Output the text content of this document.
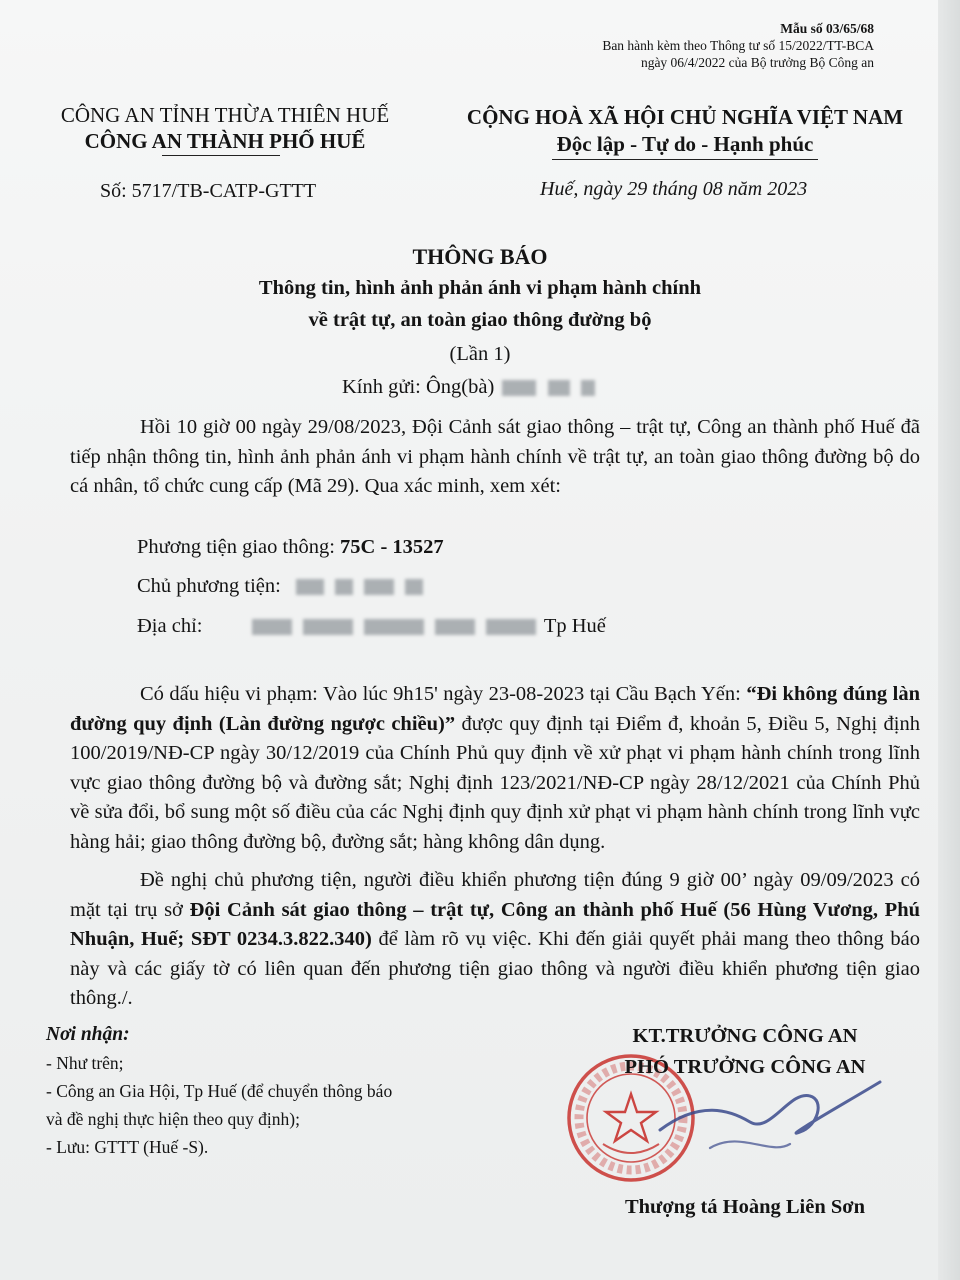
Mẫu số 03/65/68
Ban hành kèm theo Thông tư số 15/2022/TT-BCA
ngày 06/4/2022 của Bộ trưởng Bộ Công an
CÔNG AN TỈNH THỪA THIÊN HUẾ
CÔNG AN THÀNH PHỐ HUẾ
CỘNG HOÀ XÃ HỘI CHỦ NGHĨA VIỆT NAM
Độc lập - Tự do - Hạnh phúc
Số: 5717/TB-CATP-GTTT	Huế, ngày 29 tháng 08 năm 2023
THÔNG BÁO
Thông tin, hình ảnh phản ánh vi phạm hành chính
về trật tự, an toàn giao thông đường bộ
(Lần 1)
Kính gửi: Ông(bà)
Hồi 10 giờ 00 ngày 29/08/2023, Đội Cảnh sát giao thông – trật tự, Công an thành phố Huế đã tiếp nhận thông tin, hình ảnh phản ánh vi phạm hành chính về trật tự, an toàn giao thông đường bộ do cá nhân, tổ chức cung cấp (Mã 29). Qua xác minh, xem xét:
Phương tiện giao thông: 75C - 13527
Chủ phương tiện:
Địa chỉ:	Tp Huế
Có dấu hiệu vi phạm: Vào lúc 9h15' ngày 23-08-2023 tại Cầu Bạch Yến: “Đi không đúng làn đường quy định (Làn đường ngược chiều)” được quy định tại Điểm đ, khoản 5, Điều 5, Nghị định 100/2019/NĐ-CP ngày 30/12/2019 của Chính Phủ quy định về xử phạt vi phạm hành chính trong lĩnh vực giao thông đường bộ và đường sắt; Nghị định 123/2021/NĐ-CP ngày 28/12/2021 của Chính Phủ về sửa đổi, bổ sung một số điều của các Nghị định quy định xử phạt vi phạm hành chính trong lĩnh vực hàng hải; giao thông đường bộ, đường sắt; hàng không dân dụng.
Đề nghị chủ phương tiện, người điều khiển phương tiện đúng 9 giờ 00’ ngày 09/09/2023 có mặt tại trụ sở Đội Cảnh sát giao thông – trật tự, Công an thành phố Huế (56 Hùng Vương, Phú Nhuận, Huế; SĐT 0234.3.822.340) để làm rõ vụ việc. Khi đến giải quyết phải mang theo thông báo này và các giấy tờ có liên quan đến phương tiện giao thông và người điều khiển phương tiện giao thông./.
Nơi nhận:
- Như trên;
- Công an Gia Hội, Tp Huế (để chuyển thông báo
và đề nghị thực hiện theo quy định);
- Lưu: GTTT (Huế -S).
KT.TRƯỞNG CÔNG AN
PHÓ TRƯỞNG CÔNG AN
Thượng tá Hoàng Liên Sơn
